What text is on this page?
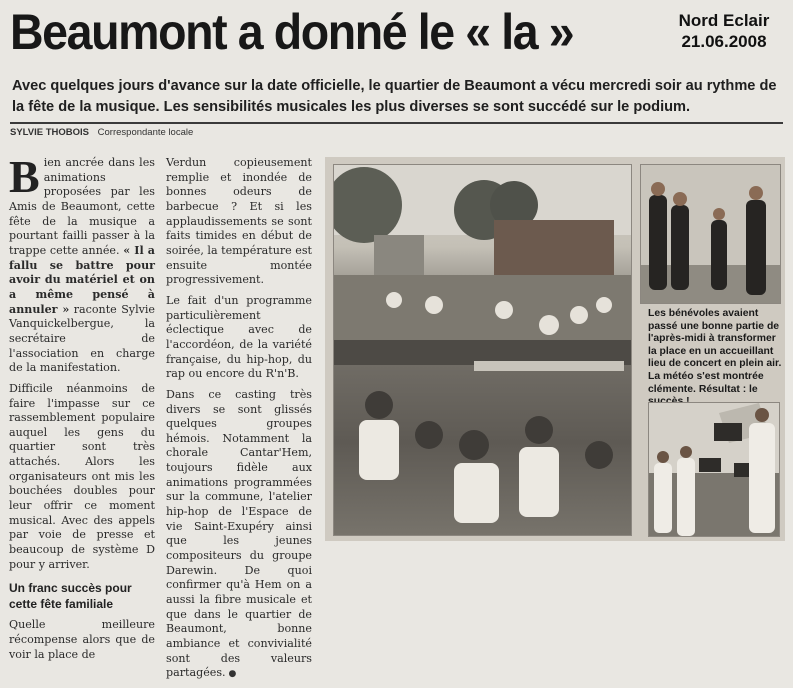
Beaumont a donné le « la »	Nord Eclair
21.06.2008
Avec quelques jours d'avance sur la date officielle, le quartier de Beaumont a vécu mercredi soir au rythme de la fête de la musique. Les sensibilités musicales les plus diverses se sont succédé sur le podium.
SYLVIE THOBOIS Correspondante locale

Bien ancrée dans les animations proposées par les Amis de Beaumont, cette fête de la musique a pourtant failli passer à la trappe cette année. « Il a fallu se battre pour avoir du matériel et on a même pensé à annuler » raconte Sylvie Vanquickelbergue, la secrétaire de l'association en charge de la manifestation.

Difficile néanmoins de faire l'impasse sur ce rassemblement populaire auquel les gens du quartier sont très attachés. Alors les organisateurs ont mis les bouchées doubles pour leur offrir ce moment musical. Avec des appels par voie de presse et beaucoup de système D pour y arriver.

Un franc succès pour cette fête familiale

Quelle meilleure récompense alors que de voir la place de

Verdun copieusement remplie et inondée de bonnes odeurs de barbecue ? Et si les applaudissements se sont faits timides en début de soirée, la température est ensuite montée progressivement.

Le fait d'un programme particulièrement éclectique avec de l'accordéon, de la variété française, du hip-hop, du rap ou encore du R'n'B.

Dans ce casting très divers se sont glissés quelques groupes hémois. Notamment la chorale Cantar'Hem, toujours fidèle aux animations programmées sur la commune, l'atelier hip-hop de l'Espace de vie Saint-Exupéry ainsi que les jeunes compositeurs du groupe Darewin. De quoi confirmer qu'à Hem on a aussi la fibre musicale et que dans le quartier de Beaumont, bonne ambiance et convivialité sont des valeurs partagées. ●

Les bénévoles avaient passé une bonne partie de l'après-midi à transformer la place en un accueillant lieu de concert en plein air. La météo s'est montrée clémente. Résultat : le
